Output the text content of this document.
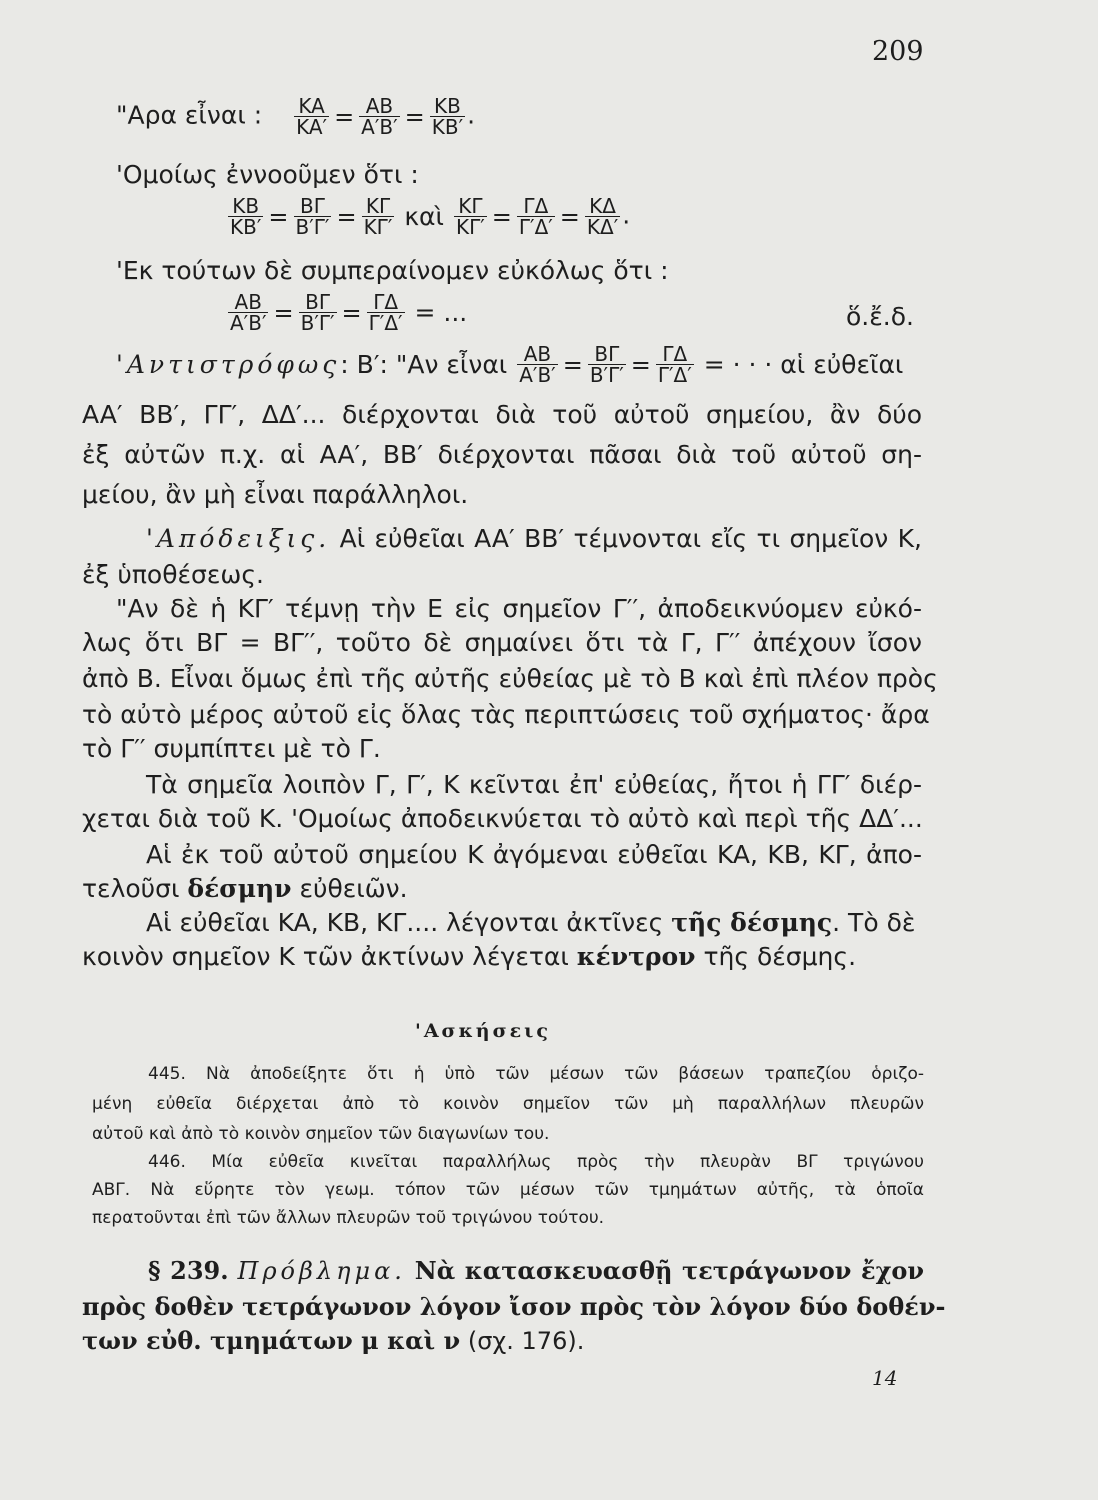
209
"Αρα εἶναι : $\frac{KA}{KA'} = \frac{AB}{A'B'} = \frac{KB}{KB'}$ .
'Ομοίως ἐννοοῦμεν ὅτι :
$\frac{KB}{KB'} = \frac{B\Gamma}{B'\Gamma'} = \frac{K\Gamma}{K\Gamma'}$ καὶ $\frac{K\Gamma}{K\Gamma'} = \frac{\Gamma\Delta}{\Gamma'\Delta'} = \frac{K\Delta}{K\Delta'}$ .
'Εκ τούτων δὲ συμπεραίνομεν εὐκόλως ὅτι :
$\frac{AB}{A'B'} = \frac{B\Gamma}{B'\Gamma'} = \frac{\Gamma\Delta}{\Gamma'\Delta'}$ = ...	ὅ.ἔ.δ.
'Αντιστρόφως: B′: "Αν εἶναι $\frac{AB}{A'B'} = \frac{B\Gamma}{B'\Gamma'} = \frac{\Gamma\Delta}{\Gamma'\Delta'}$ = · · · αἱ εὐθεῖαι
AA′ BB′, ΓΓ′, ΔΔ′... διέρχονται διὰ τοῦ αὐτοῦ σημείου, ἂν δύο
ἐξ αὐτῶν π.χ. αἱ AA′, BB′ διέρχονται πᾶσαι διὰ τοῦ αὐτοῦ ση-
μείου, ἂν μὴ εἶναι παράλληλοι.
'Απόδειξις. Αἱ εὐθεῖαι AA′ BB′ τέμνονται εἴς τι σημεῖον K,
ἐξ ὑποθέσεως.
"Αν δὲ ἡ KΓ′ τέμνῃ τὴν E εἰς σημεῖον Γ′′, ἀποδεικνύομεν εὐκό-
λως ὅτι BΓ = BΓ′′, τοῦτο δὲ σημαίνει ὅτι τὰ Γ, Γ′′ ἀπέχουν ἴσον
ἀπὸ B. Εἶναι ὅμως ἐπὶ τῆς αὐτῆς εὐθείας μὲ τὸ B καὶ ἐπὶ πλέον πρὸς
τὸ αὐτὸ μέρος αὐτοῦ εἰς ὅλας τὰς περιπτώσεις τοῦ σχήματος· ἄρα
τὸ Γ′′ συμπίπτει μὲ τὸ Γ.
Τὰ σημεῖα λοιπὸν Γ, Γ′, K κεῖνται ἐπ' εὐθείας, ἤτοι ἡ ΓΓ′ διέρ-
χεται διὰ τοῦ K. 'Ομοίως ἀποδεικνύεται τὸ αὐτὸ καὶ περὶ τῆς ΔΔ′...
Αἱ ἐκ τοῦ αὐτοῦ σημείου K ἀγόμεναι εὐθεῖαι KA, KB, KΓ, ἀπο-
τελοῦσι δέσμην εὐθειῶν.
Αἱ εὐθεῖαι KA, KB, KΓ.... λέγονται ἀκτῖνες τῆς δέσμης. Τὸ δὲ
κοινὸν σημεῖον K τῶν ἀκτίνων λέγεται κέντρον τῆς δέσμης.
'Ασκήσεις
445. Νὰ ἀποδείξητε ὅτι ἡ ὑπὸ τῶν μέσων τῶν βάσεων τραπεζίου ὁριζο-
μένη εὐθεῖα διέρχεται ἀπὸ τὸ κοινὸν σημεῖον τῶν μὴ παραλλήλων πλευρῶν
αὐτοῦ καὶ ἀπὸ τὸ κοινὸν σημεῖον τῶν διαγωνίων του.
446. Μία εὐθεῖα κινεῖται παραλλήλως πρὸς τὴν πλευρὰν BΓ τριγώνου
ABΓ. Νὰ εὕρητε τὸν γεωμ. τόπον τῶν μέσων τῶν τμημάτων αὐτῆς, τὰ ὁποῖα
περατοῦνται ἐπὶ τῶν ἄλλων πλευρῶν τοῦ τριγώνου τούτου.
§ 239. Πρόβλημα. Νὰ κατασκευασθῇ τετράγωνον ἔχον
πρὸς δοθὲν τετράγωνον λόγον ἴσον πρὸς τὸν λόγον δύο δοθέν-
των εὐθ. τμημάτων μ καὶ ν (σχ. 176).
14
